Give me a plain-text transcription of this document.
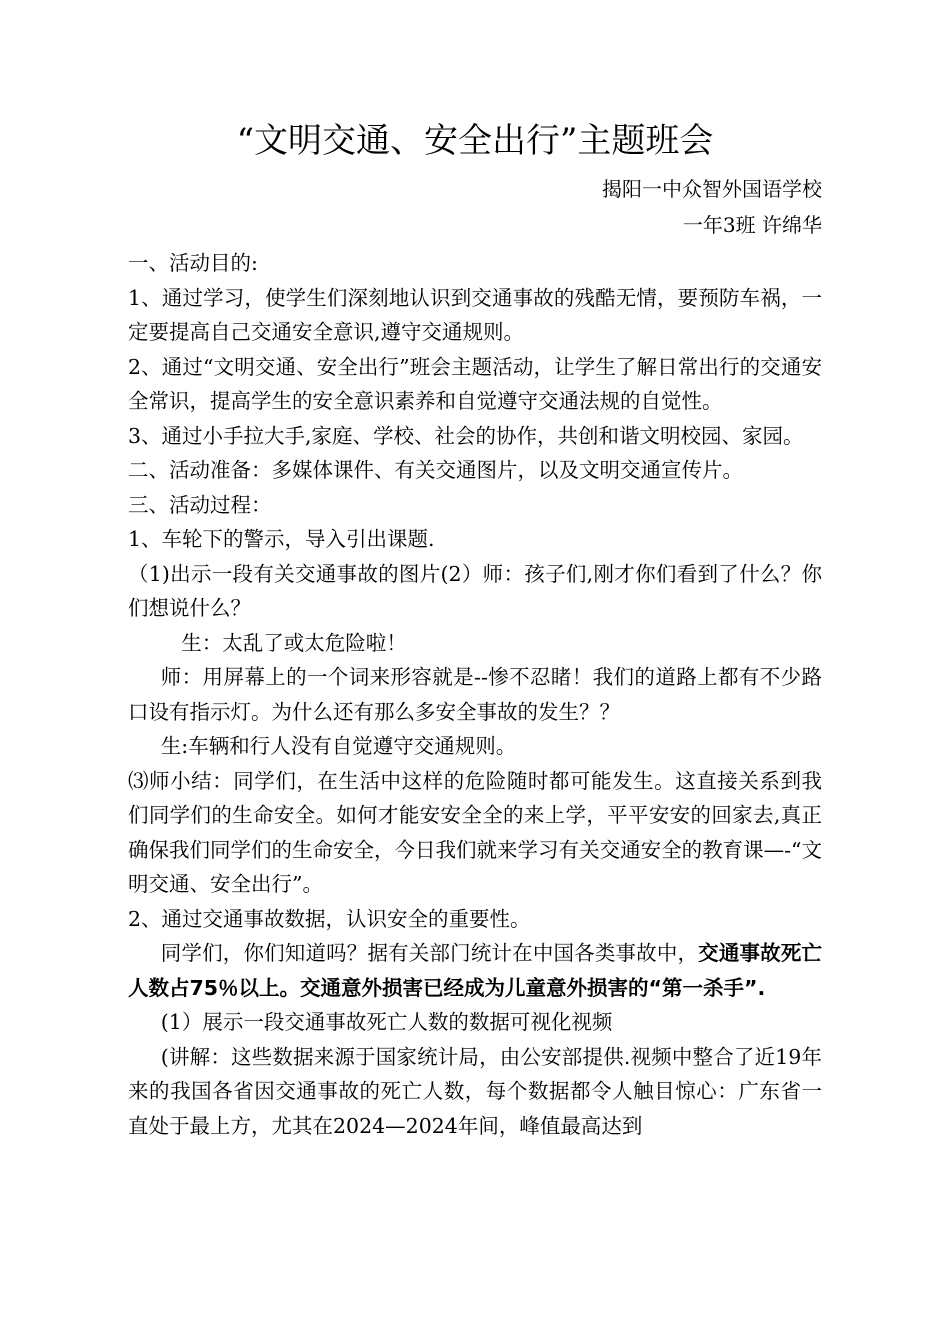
“文明交通、安全出行”主题班会
揭阳一中众智外国语学校
一年3班 许绵华

一、活动目的:

1、通过学习，使学生们深刻地认识到交通事故的残酷无情，要预防车祸，一定要提高自己交通安全意识,遵守交通规则。

2、通过“文明交通、安全出行”班会主题活动，让学生了解日常出行的交通安全常识，提高学生的安全意识素养和自觉遵守交通法规的自觉性。

3、通过小手拉大手,家庭、学校、社会的协作，共创和谐文明校园、家园。

二、活动准备：多媒体课件、有关交通图片，以及文明交通宣传片。

三、活动过程：

1、车轮下的警示，导入引出课题.

（1)出示一段有关交通事故的图片(2）师：孩子们,刚才你们看到了什么？你们想说什么？

生：太乱了或太危险啦！

师：用屏幕上的一个词来形容就是--惨不忍睹！我们的道路上都有不少路口设有指示灯。为什么还有那么多安全事故的发生？？

生:车辆和行人没有自觉遵守交通规则。

⑶师小结：同学们，在生活中这样的危险随时都可能发生。这直接关系到我们同学们的生命安全。如何才能安安全全的来上学，平平安安的回家去,真正确保我们同学们的生命安全，今日我们就来学习有关交通安全的教育课—-“文明交通、安全出行”。

2、通过交通事故数据，认识安全的重要性。

同学们，你们知道吗？据有关部门统计在中国各类事故中，交通事故死亡人数占75％以上。交通意外损害已经成为儿童意外损害的“第一杀手”.

(1）展示一段交通事故死亡人数的数据可视化视频

(讲解：这些数据来源于国家统计局，由公安部提供.视频中整合了近19年来的我国各省因交通事故的死亡人数，每个数据都令人触目惊心：广东省一直处于最上方，尤其在2024—2024年间，峰值最高达到
